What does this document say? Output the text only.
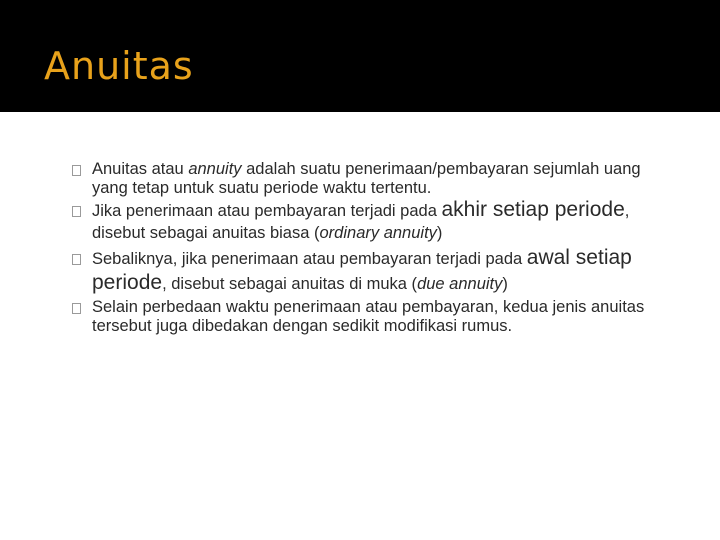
Anuitas
Anuitas atau annuity adalah suatu penerimaan/pembayaran sejumlah uang yang tetap untuk suatu periode waktu tertentu.
Jika penerimaan atau pembayaran terjadi pada akhir setiap periode, disebut sebagai anuitas biasa (ordinary annuity)
Sebaliknya, jika penerimaan atau pembayaran terjadi pada awal setiap periode, disebut sebagai anuitas di muka (due annuity)
Selain perbedaan waktu penerimaan atau pembayaran, kedua jenis anuitas tersebut juga dibedakan dengan sedikit modifikasi rumus.
